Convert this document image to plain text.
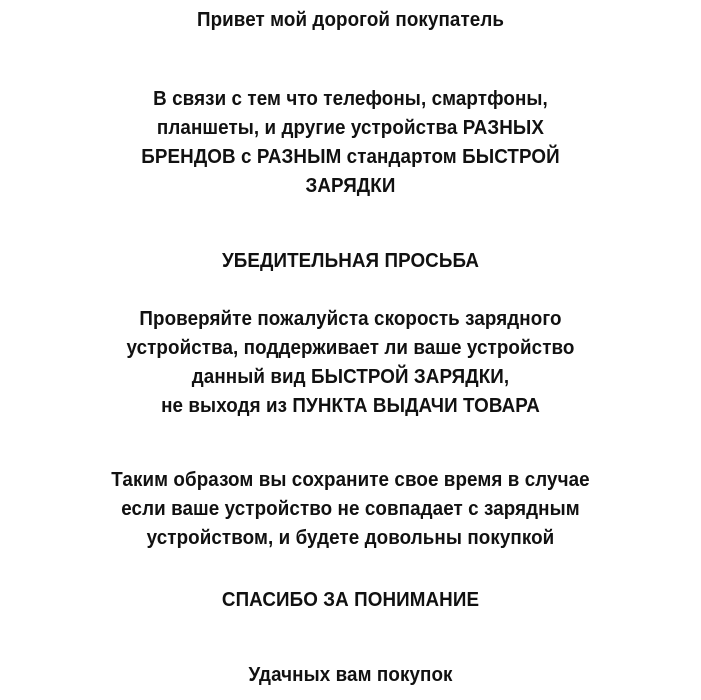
Привет мой дорогой покупатель
В связи с тем что телефоны, смартфоны,
планшеты, и другие устройства РАЗНЫХ
БРЕНДОВ с РАЗНЫМ стандартом БЫСТРОЙ
ЗАРЯДКИ
УБЕДИТЕЛЬНАЯ ПРОСЬБА
Проверяйте пожалуйста скорость зарядного
устройства, поддерживает ли ваше устройство
данный вид БЫСТРОЙ ЗАРЯДКИ,
не выходя из ПУНКТА ВЫДАЧИ ТОВАРА
Таким образом вы сохраните свое время в случае
если ваше устройство не совпадает с зарядным
устройством, и будете довольны покупкой
СПАСИБО ЗА ПОНИМАНИЕ
Удачных вам покупок
